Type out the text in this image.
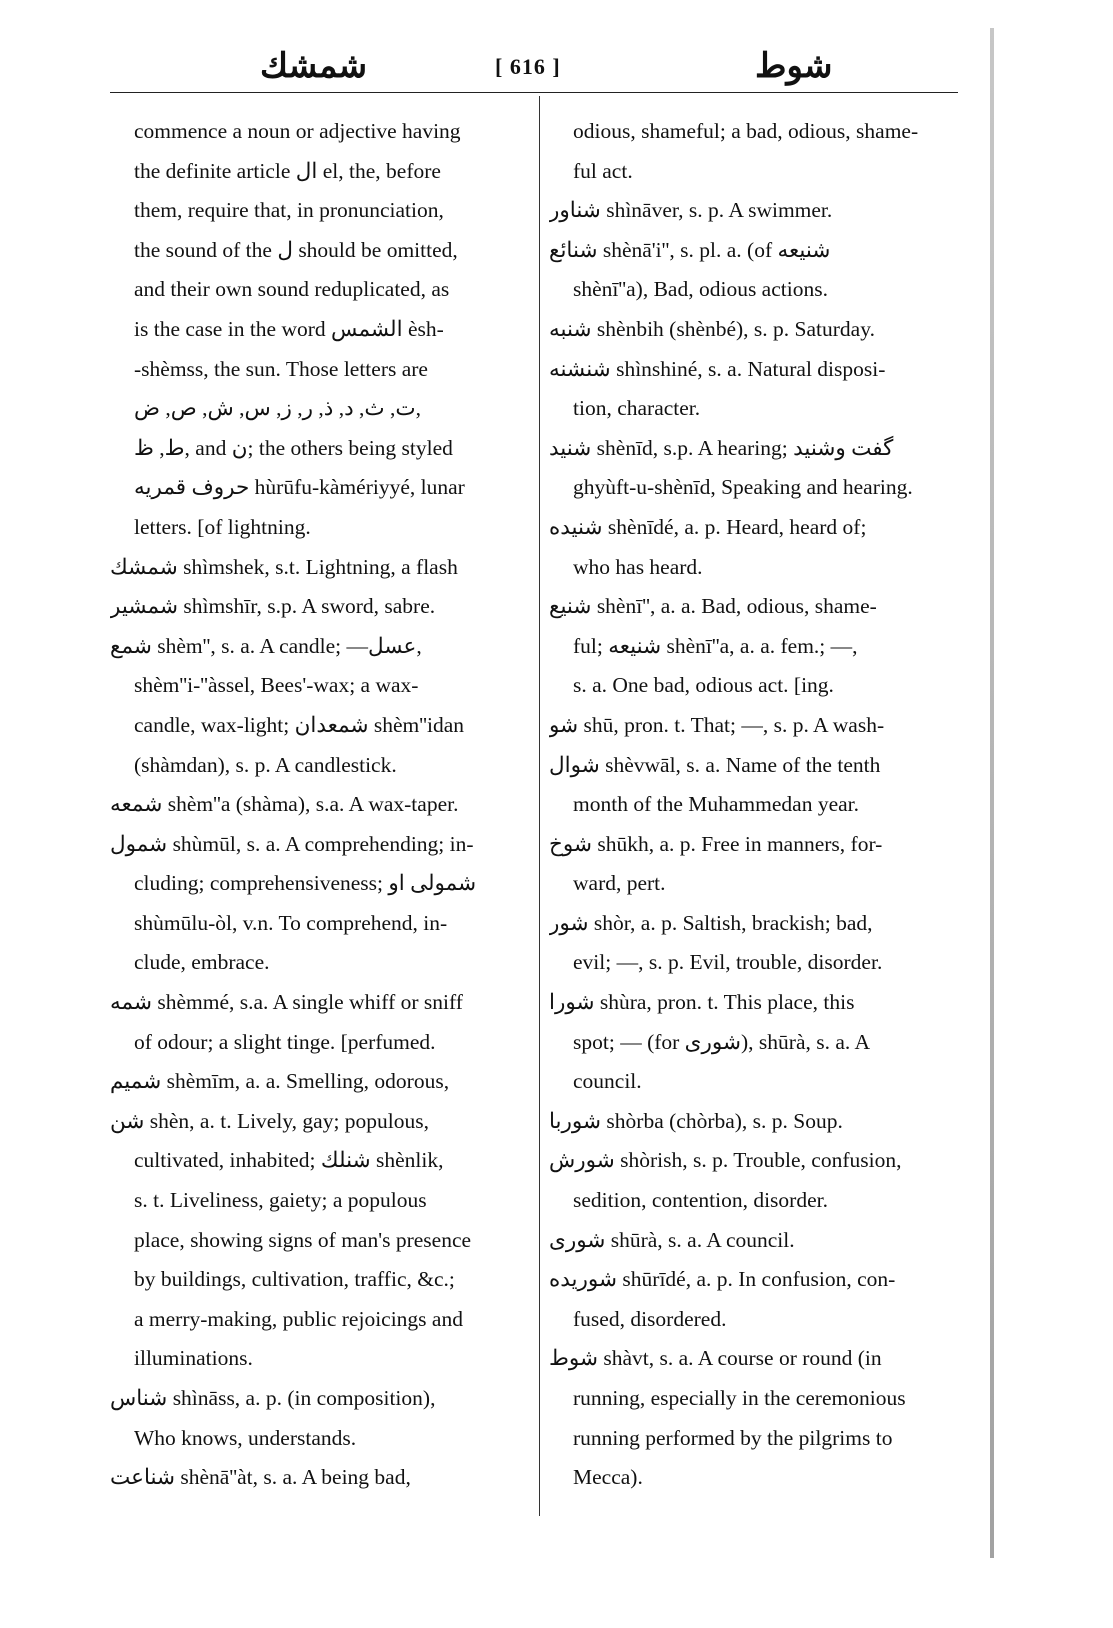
شمشك	[ 616 ]	شوط
commence a noun or adjective having
the definite article ال el, the, before
them, require that, in pronunciation,
the sound of the ل should be omitted,
and their own sound reduplicated, as
is the case in the word الشمس èsh-
-shèmss, the sun. Those letters are
ت, ث, د, ذ, ر, ز, س, ش, ص, ض,
ط, ظ, and ن; the others being styled
حروف قمریه hùrūfu-kàmériyyé, lunar
letters. [of lightning.
شمشك shìmshek, s.t. Lightning, a flash
شمشير shìmshīr, s.p. A sword, sabre.
شمع shèm'', s. a. A candle; —عسل,
shèm''i-''àssel, Bees'-wax; a wax-
candle, wax-light; شمعدان shèm''idan
(shàmdan), s. p. A candlestick.
شمعه shèm''a (shàma), s.a. A wax-taper.
شمول shùmūl, s. a. A comprehending; in-
cluding; comprehensiveness; شمولی او
shùmūlu-òl, v.n. To comprehend, in-
clude, embrace.
شمه shèmmé, s.a. A single whiff or sniff
of odour; a slight tinge. [perfumed.
شميم shèmīm, a. a. Smelling, odorous,
شن shèn, a. t. Lively, gay; populous,
cultivated, inhabited; شنلك shènlik,
s. t. Liveliness, gaiety; a populous
place, showing signs of man's presence
by buildings, cultivation, traffic, &c.;
a merry-making, public rejoicings and
illuminations.
شناس shìnāss, a. p. (in composition),
Who knows, understands.
شناعت shènā''àt, s. a. A being bad,
odious, shameful; a bad, odious, shame-
ful act.
شناور shìnāver, s. p. A swimmer.
شنائع shènā'i'', s. pl. a. (of شنيعه
shènī''a), Bad, odious actions.
شنبه shènbih (shènbé), s. p. Saturday.
شنشنه shìnshiné, s. a. Natural disposi-
tion, character.
شنيد shènīd, s.p. A hearing; گفت وشنيد
ghyùft-u-shènīd, Speaking and hearing.
شنيده shènīdé, a. p. Heard, heard of;
who has heard.
شنيع shènī'', a. a. Bad, odious, shame-
ful; شنيعه shènī''a, a. a. fem.; —,
s. a. One bad, odious act. [ing.
شو shū, pron. t. That; —, s. p. A wash-
شوال shèvwāl, s. a. Name of the tenth
month of the Muhammedan year.
شوخ shūkh, a. p. Free in manners, for-
ward, pert.
شور shòr, a. p. Saltish, brackish; bad,
evil; —, s. p. Evil, trouble, disorder.
شورا shùra, pron. t. This place, this
spot; — (for شوری), shūrà, s. a. A
council.
شوربا shòrba (chòrba), s. p. Soup.
شورش shòrish, s. p. Trouble, confusion,
sedition, contention, disorder.
شوری shūrà, s. a. A council.
شوريده shūrīdé, a. p. In confusion, con-
fused, disordered.
شوط shàvt, s. a. A course or round (in
running, especially in the ceremonious
running performed by the pilgrims to
Mecca).
